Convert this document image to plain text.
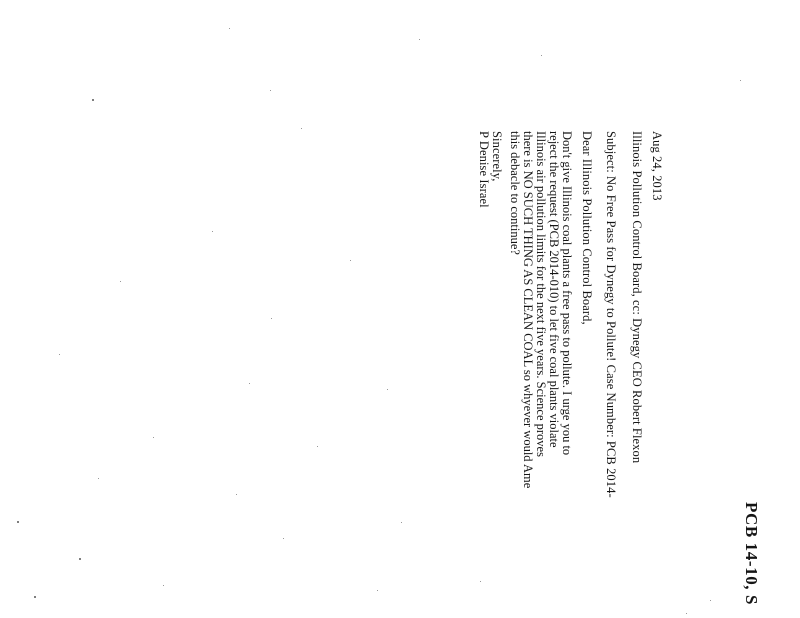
PCB 14-10, S
Aug 24, 2013
Illinois Pollution Control Board, cc: Dynegy CEO Robert Flexon
Subject: No Free Pass for Dynegy to Pollute! Case Number: PCB 2014-
Dear Illinois Pollution Control Board,
Don't give Illinois coal plants a free pass to pollute. I urge you to
reject the request (PCB 2014-010) to let five coal plants violate
Illinois air pollution limits for the next five years. Science proves
there is NO SUCH THING AS CLEAN COAL so whyever would Ame
this debacle to continue?
Sincerely,
P Denise Israel
